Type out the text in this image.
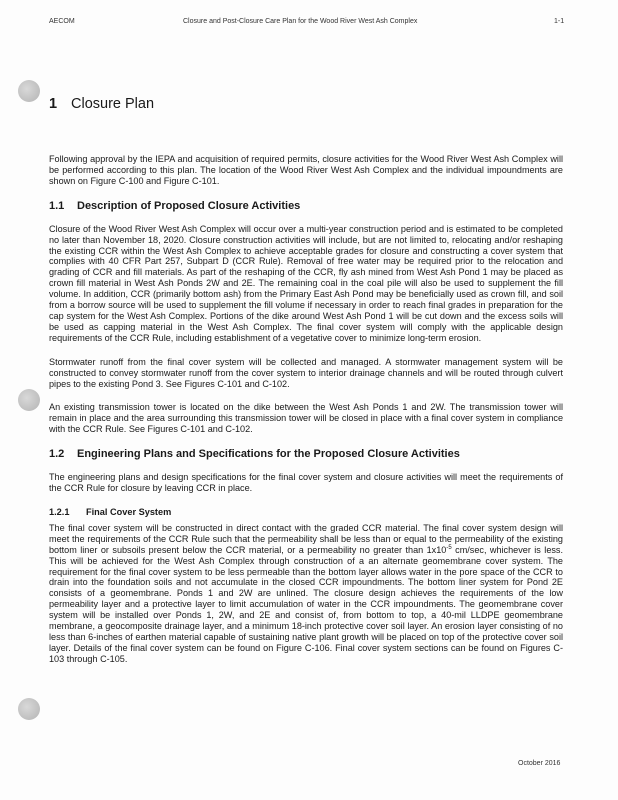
AECOM	Closure and Post-Closure Care Plan for the Wood River West Ash Complex	1-1
1 Closure Plan

Following approval by the IEPA and acquisition of required permits, closure activities for the Wood River West Ash Complex will be performed according to this plan. The location of the Wood River West Ash Complex and the individual impoundments are shown on Figure C-100 and Figure C-101.

1.1	Description of Proposed Closure Activities

Closure of the Wood River West Ash Complex will occur over a multi-year construction period and is estimated to be completed no later than November 18, 2020. Closure construction activities will include, but are not limited to, relocating and/or reshaping the existing CCR within the West Ash Complex to achieve acceptable grades for closure and constructing a cover system that complies with 40 CFR Part 257, Subpart D (CCR Rule). Removal of free water may be required prior to the relocation and grading of CCR and fill materials. As part of the reshaping of the CCR, fly ash mined from West Ash Pond 1 may be placed as crown fill material in West Ash Ponds 2W and 2E. The remaining coal in the coal pile will also be used to supplement the fill volume. In addition, CCR (primarily bottom ash) from the Primary East Ash Pond may be beneficially used as crown fill, and soil from a borrow source will be used to supplement the fill volume if necessary in order to reach final grades in preparation for the cap system for the West Ash Complex. Portions of the dike around West Ash Pond 1 will be cut down and the excess soils will be used as capping material in the West Ash Complex. The final cover system will comply with the applicable design requirements of the CCR Rule, including establishment of a vegetative cover to minimize long-term erosion.

Stormwater runoff from the final cover system will be collected and managed. A stormwater management system will be constructed to convey stormwater runoff from the cover system to interior drainage channels and will be routed through culvert pipes to the existing Pond 3. See Figures C-101 and C-102.

An existing transmission tower is located on the dike between the West Ash Ponds 1 and 2W. The transmission tower will remain in place and the area surrounding this transmission tower will be closed in place with a final cover system in compliance with the CCR Rule. See Figures C-101 and C-102.

1.2	Engineering Plans and Specifications for the Proposed Closure Activities

The engineering plans and design specifications for the final cover system and closure activities will meet the requirements of the CCR Rule for closure by leaving CCR in place.

1.2.1	Final Cover System

The final cover system will be constructed in direct contact with the graded CCR material. The final cover system design will meet the requirements of the CCR Rule such that the permeability shall be less than or equal to the permeability of the existing bottom liner or subsoils present below the CCR material, or a permeability no greater than $1x10^{-5}$ cm/sec, whichever is less. This will be achieved for the West Ash Complex through construction of a an alternate geomembrane cover system. The requirement for the final cover system to be less permeable than the bottom layer allows water in the pore space of the CCR to drain into the foundation soils and not accumulate in the closed CCR impoundments. The bottom liner system for Pond 2E consists of a geomembrane. Ponds 1 and 2W are unlined. The closure design achieves the requirements of the low permeability layer and a protective layer to limit accumulation of water in the CCR impoundments. The geomembrane cover system will be installed over Ponds 1, 2W, and 2E and consist of, from bottom to top, a 40-mil LLDPE geomembrane membrane, a geocomposite drainage layer, and a minimum 18-inch protective cover soil layer. An erosion layer consisting of no less than 6-inches of earthen material capable of sustaining native plant growth will be placed on top of the protective cover soil layer. Details of the final cover system can be found on Figure C-106. Final cover system sections can be found on Figures C-103 through C-105.

October 2016
